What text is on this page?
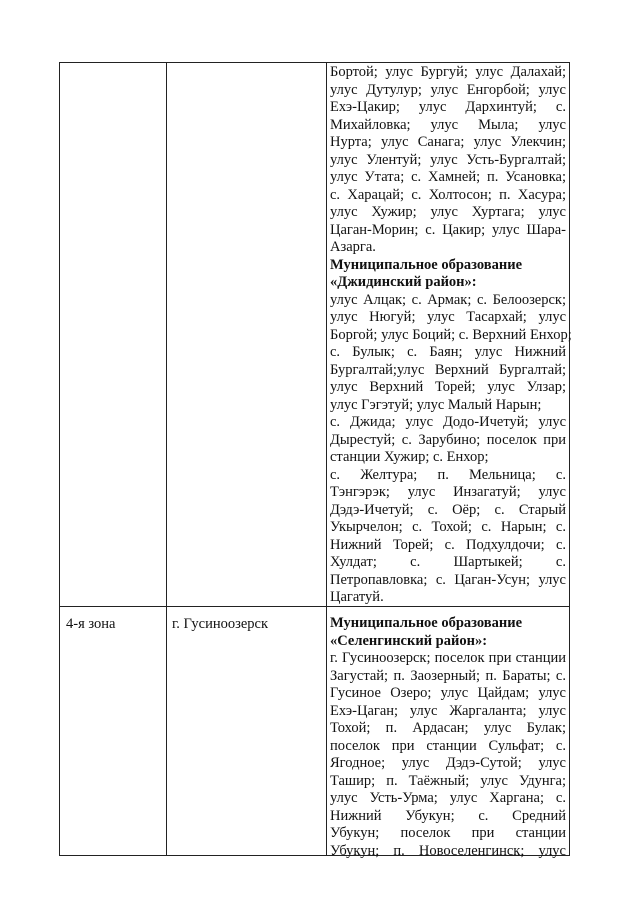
Бортой; улус Бургуй; улус Далахай;
улус Дутулур; улус Енгорбой; улус
Ехэ-Цакир; улус Дархинтуй; с.
Михайловка; улус Мыла; улус
Нурта; улус Санага; улус Улекчин;
улус Улентуй; улус Усть-Бургалтай;
улус Утата; с. Хамней; п. Усановка;
с. Харацай; с. Холтосон; п. Хасура;
улус Хужир; улус Хуртага; улус
Цаган-Морин; с. Цакир; улус Шара-
Азарга.
Муниципальное образование
«Джидинский район»:
улус Алцак; с. Армак; с. Белоозерск;
улус Нюгуй; улус Тасархай; улус
Боргой; улус Боций; с. Верхний Енхор;
с. Булык; с. Баян; улус Нижний
Бургалтай;улус Верхний Бургалтай;
улус Верхний Торей; улус Улзар;
улус Гэгэтуй; улус Малый Нарын;
с. Джида; улус Додо-Ичетуй; улус
Дырестуй; с. Зарубино; поселок при
станции Хужир; с. Енхор;
с. Желтура; п. Мельница; с.
Тэнгэрэк; улус Инзагатуй; улус
Дэдэ-Ичетуй; с. Оёр; с. Старый
Укырчелон; с. Тохой; с. Нарын; с.
Нижний Торей; с. Подхулдочи; с.
Хулдат; с. Шартыкей; с.
Петропавловка; с. Цаган-Усун; улус
Цагатуй.
4-я зона	г. Гусиноозерск	Муниципальное образование
«Селенгинский район»:
г. Гусиноозерск; поселок при станции
Загустай; п. Заозерный; п. Бараты; с.
Гусиное Озеро; улус Цайдам; улус
Ехэ-Цаган; улус Жаргаланта; улус
Тохой; п. Ардасан; улус Булак;
поселок при станции Сульфат; с.
Ягодное; улус Дэдэ-Сутой; улус
Ташир; п. Таёжный; улус Удунга;
улус Усть-Урма; улус Харгана; с.
Нижний Убукун; с. Средний
Убукун; поселок при станции
Убукун; п. Новоселенгинск; улус
